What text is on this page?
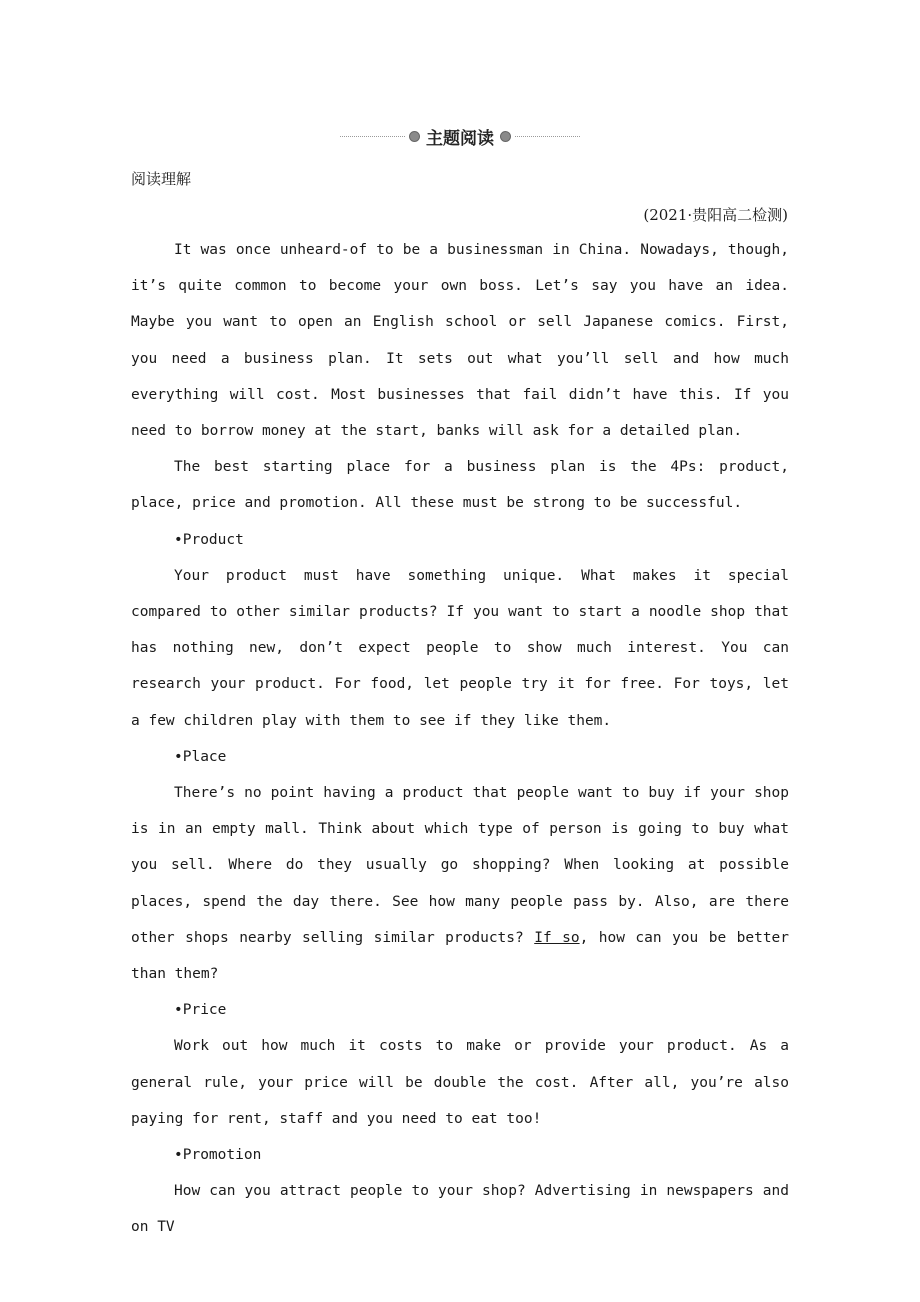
主题阅读
阅读理解
(2021·贵阳高二检测)

It was once unheard-of to be a businessman in China. Nowadays, though, it’s quite common to become your own boss. Let’s say you have an idea. Maybe you want to open an English school or sell Japanese comics. First, you need a business plan. It sets out what you’ll sell and how much everything will cost. Most businesses that fail didn’t have this. If you need to borrow money at the start, banks will ask for a detailed plan.

The best starting place for a business plan is the 4Ps: product, place, price and promotion. All these must be strong to be successful.

•Product

Your product must have something unique. What makes it special compared to other similar products? If you want to start a noodle shop that has nothing new, don’t expect people to show much interest. You can research your product. For food, let people try it for free. For toys, let a few children play with them to see if they like them.

•Place

There’s no point having a product that people want to buy if your shop is in an empty mall. Think about which type of person is going to buy what you sell. Where do they usually go shopping? When looking at possible places, spend the day there. See how many people pass by. Also, are there other shops nearby selling similar products? If so, how can you be better than them?

•Price

Work out how much it costs to make or provide your product. As a general rule, your price will be double the cost. After all, you’re also paying for rent, staff and you need to eat too!

•Promotion

How can you attract people to your shop? Advertising in newspapers and on TV
